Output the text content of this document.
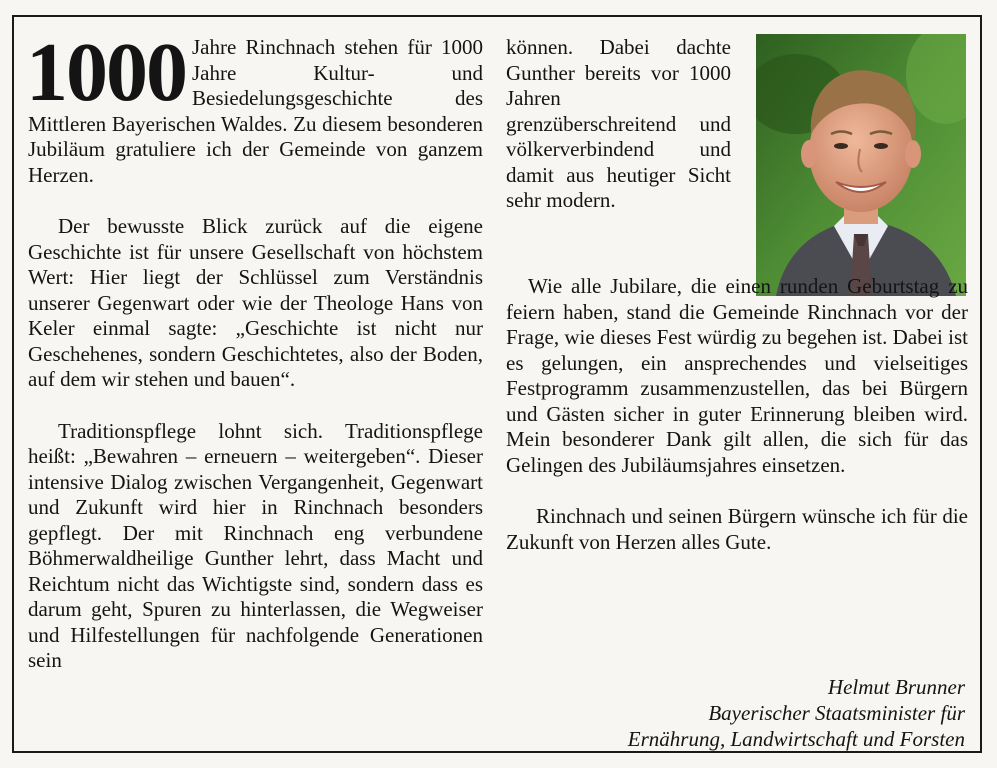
1000 Jahre Rinchnach stehen für 1000 Jahre Kultur- und Besiedelungsgeschichte des Mittleren Bayerischen Waldes. Zu diesem besonderen Jubiläum gratuliere ich der Gemeinde von ganzem Herzen.

Der bewusste Blick zurück auf die eigene Geschichte ist für unsere Gesellschaft von höchstem Wert: Hier liegt der Schlüssel zum Verständnis unserer Gegenwart oder wie der Theologe Hans von Keler einmal sagte: „Geschichte ist nicht nur Geschehenes, sondern Geschichtetes, also der Boden, auf dem wir stehen und bauen“.

Traditionspflege lohnt sich. Traditionspflege heißt: „Bewahren – erneuern – weitergeben“. Dieser intensive Dialog zwischen Vergangenheit, Gegenwart und Zukunft wird hier in Rinchnach besonders gepflegt. Der mit Rinchnach eng verbundene Böhmerwaldheilige Gunther lehrt, dass Macht und Reichtum nicht das Wichtigste sind, sondern dass es darum geht, Spuren zu hinterlassen, die Wegweiser und Hilfestellungen für nachfolgende Generationen sein

können. Dabei dachte Gunther bereits vor 1000 Jahren grenzüberschreitend und völkerverbindend und damit aus heutiger Sicht sehr modern.

Wie alle Jubilare, die einen runden Geburtstag zu feiern haben, stand die Gemeinde Rinchnach vor der Frage, wie dieses Fest würdig zu begehen ist. Dabei ist es gelungen, ein ansprechendes und vielseitiges Festprogramm zusammenzustellen, das bei Bürgern und Gästen sicher in guter Erinnerung bleiben wird. Mein besonderer Dank gilt allen, die sich für das Gelingen des Jubiläumsjahres einsetzen.

Rinchnach und seinen Bürgern wünsche ich für die Zukunft von Herzen alles Gute.

Helmut Brunner
Bayerischer Staatsminister für
Ernährung, Landwirtschaft und Forsten
